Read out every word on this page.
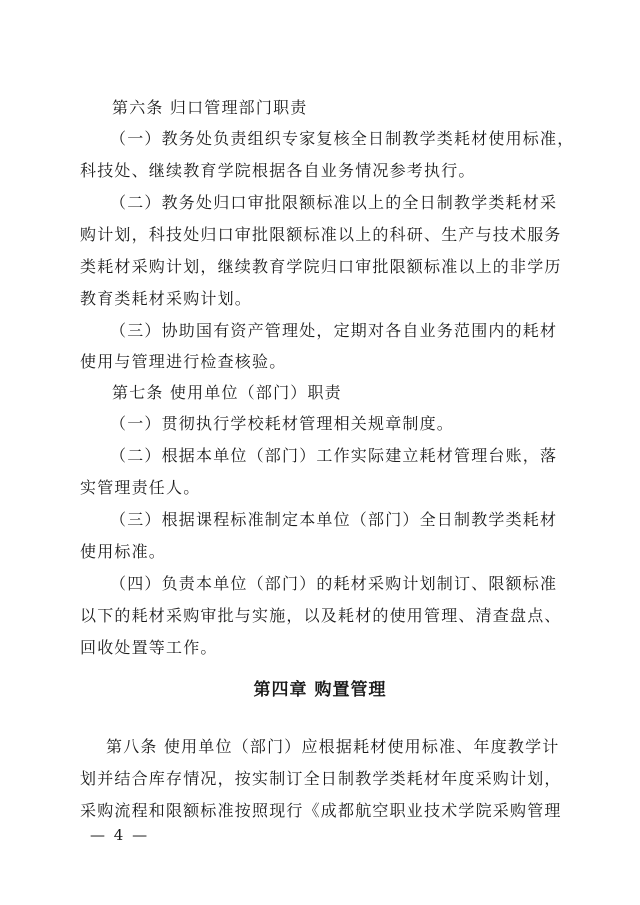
第六条 归口管理部门职责
（一）教务处负责组织专家复核全日制教学类耗材使用标准，
科技处、继续教育学院根据各自业务情况参考执行。
（二）教务处归口审批限额标准以上的全日制教学类耗材采
购计划，科技处归口审批限额标准以上的科研、生产与技术服务
类耗材采购计划，继续教育学院归口审批限额标准以上的非学历
教育类耗材采购计划。
（三）协助国有资产管理处，定期对各自业务范围内的耗材
使用与管理进行检查核验。
第七条 使用单位（部门）职责
（一）贯彻执行学校耗材管理相关规章制度。
（二）根据本单位（部门）工作实际建立耗材管理台账，落
实管理责任人。
（三）根据课程标准制定本单位（部门）全日制教学类耗材
使用标准。
（四）负责本单位（部门）的耗材采购计划制订、限额标准
以下的耗材采购审批与实施，以及耗材的使用管理、清查盘点、
回收处置等工作。
第四章 购置管理
第八条 使用单位（部门）应根据耗材使用标准、年度教学计
划并结合库存情况，按实制订全日制教学类耗材年度采购计划，
采购流程和限额标准按照现行《成都航空职业技术学院采购管理
— 4 —
